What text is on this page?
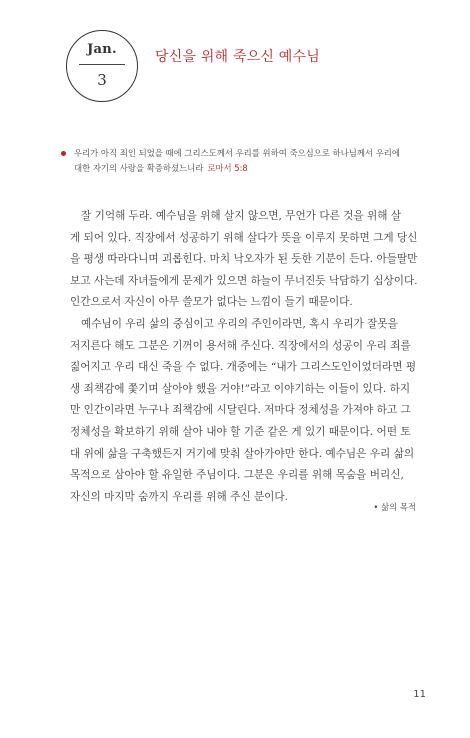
Jan.
3
당신을 위해 죽으신 예수님
우리가 아직 죄인 되었을 때에 그리스도께서 우리를 위하여 죽으심으로 하나님께서 우리에
대한 자기의 사랑을 확증하셨느니라 로마서 5:8
잘 기억해 두라. 예수님을 위해 살지 않으면, 무언가 다른 것을 위해 살
게 되어 있다. 직장에서 성공하기 위해 살다가 뜻을 이루지 못하면 그게 당신
을 평생 따라다니며 괴롭힌다. 마치 낙오자가 된 듯한 기분이 든다. 아들딸만
보고 사는데 자녀들에게 문제가 있으면 하늘이 무너진듯 낙담하기 십상이다.
인간으로서 자신이 아무 쓸모가 없다는 느낌이 들기 때문이다.
예수님이 우리 삶의 중심이고 우리의 주인이라면, 혹시 우리가 잘못을
저지른다 해도 그분은 기꺼이 용서해 주신다. 직장에서의 성공이 우리 죄를
짊어지고 우리 대신 죽을 수 없다. 개중에는 “내가 그리스도인이었더라면 평
생 죄책감에 쫓기며 살아야 했을 거야!”라고 이야기하는 이들이 있다. 하지
만 인간이라면 누구나 죄책감에 시달린다. 저마다 정체성을 가져야 하고 그
정체성을 확보하기 위해 살아 내야 할 기준 같은 게 있기 때문이다. 어떤 토
대 위에 삶을 구축했든지 거기에 맞춰 살아가야만 한다. 예수님은 우리 삶의
목적으로 삼아야 할 유일한 주님이다. 그분은 우리를 위해 목숨을 버리신,
자신의 마지막 숨까지 우리를 위해 주신 분이다.
• 삶의 목적
11
